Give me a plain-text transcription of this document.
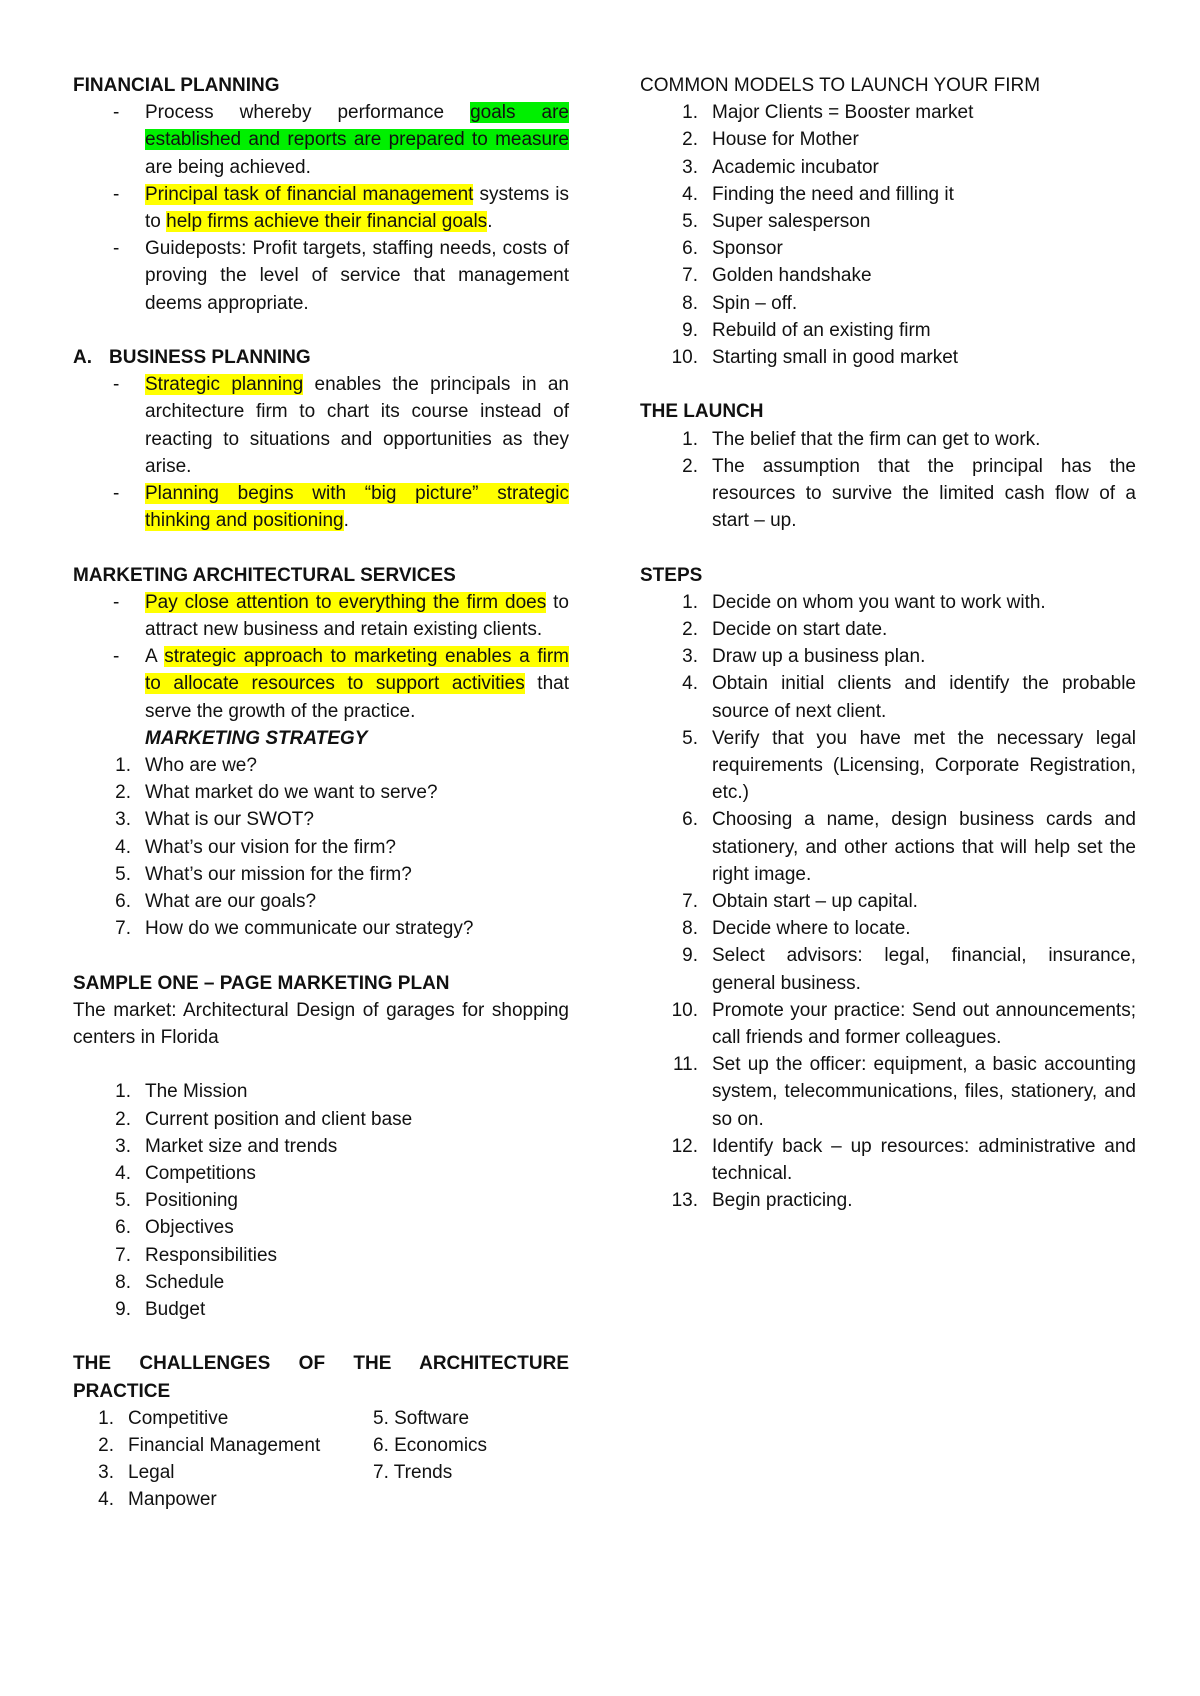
FINANCIAL PLANNING
-	Process whereby performance goals are established and reports are prepared to measure are being achieved.
-	Principal task of financial management systems is to help firms achieve their financial goals.
-	Guideposts: Profit targets, staffing needs, costs of proving the level of service that management deems appropriate.
A. BUSINESS PLANNING
-	Strategic planning enables the principals in an architecture firm to chart its course instead of reacting to situations and opportunities as they arise.
-	Planning begins with “big picture” strategic thinking and positioning.
MARKETING ARCHITECTURAL SERVICES
-	Pay close attention to everything the firm does to attract new business and retain existing clients.
-	A strategic approach to marketing enables a firm to allocate resources to support activities that serve the growth of the practice.
MARKETING STRATEGY
1. Who are we?
2. What market do we want to serve?
3. What is our SWOT?
4. What’s our vision for the firm?
5. What’s our mission for the firm?
6. What are our goals?
7. How do we communicate our strategy?
SAMPLE ONE – PAGE MARKETING PLAN
The market: Architectural Design of garages for shopping centers in Florida
1. The Mission
2. Current position and client base
3. Market size and trends
4. Competitions
5. Positioning
6. Objectives
7. Responsibilities
8. Schedule
9. Budget
THE CHALLENGES OF THE ARCHITECTURE PRACTICE
1. Competitive
2. Financial Management
3. Legal
4. Manpower
5. Software
6. Economics
7. Trends
COMMON MODELS TO LAUNCH YOUR FIRM
1. Major Clients = Booster market
2. House for Mother
3. Academic incubator
4. Finding the need and filling it
5. Super salesperson
6. Sponsor
7. Golden handshake
8. Spin – off.
9. Rebuild of an existing firm
10. Starting small in good market
THE LAUNCH
1. The belief that the firm can get to work.
2. The assumption that the principal has the resources to survive the limited cash flow of a start – up.
STEPS
1. Decide on whom you want to work with.
2. Decide on start date.
3. Draw up a business plan.
4. Obtain initial clients and identify the probable source of next client.
5. Verify that you have met the necessary legal requirements (Licensing, Corporate Registration, etc.)
6. Choosing a name, design business cards and stationery, and other actions that will help set the right image.
7. Obtain start – up capital.
8. Decide where to locate.
9. Select advisors: legal, financial, insurance, general business.
10. Promote your practice: Send out announcements; call friends and former colleagues.
11. Set up the officer: equipment, a basic accounting system, telecommunications, files, stationery, and so on.
12. Identify back – up resources: administrative and technical.
13. Begin practicing.
